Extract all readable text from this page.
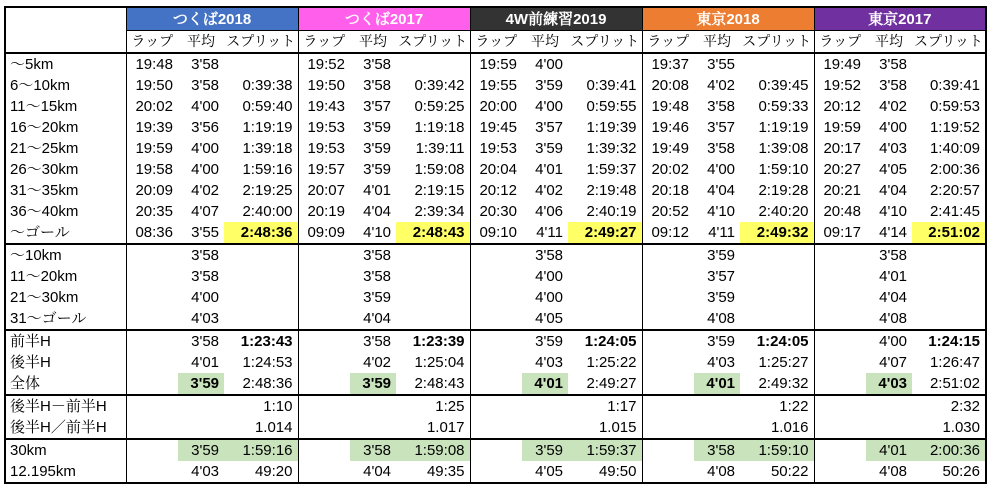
	つくば2018			つくば2017			4W前練習2019			東京2018			東京2017		
	ラップ	平均	スプリット	ラップ	平均	スプリット	ラップ	平均	スプリット	ラップ	平均	スプリット	ラップ	平均	スプリット
〜5km	19:48	3'58		19:52	3'58		19:59	4'00		19:37	3'55		19:49	3'58	
6〜10km	19:50	3'58	0:39:38	19:50	3'58	0:39:42	19:55	3'59	0:39:41	20:08	4'02	0:39:45	19:52	3'58	0:39:41
11〜15km	20:02	4'00	0:59:40	19:43	3'57	0:59:25	20:00	4'00	0:59:55	19:48	3'58	0:59:33	20:12	4'02	0:59:53
16〜20km	19:39	3'56	1:19:19	19:53	3'59	1:19:18	19:45	3'57	1:19:39	19:46	3'57	1:19:19	19:59	4'00	1:19:52
21〜25km	19:59	4'00	1:39:18	19:53	3'59	1:39:11	19:53	3'59	1:39:32	19:49	3'58	1:39:08	20:17	4'03	1:40:09
26〜30km	19:58	4'00	1:59:16	19:57	3'59	1:59:08	20:04	4'01	1:59:37	20:02	4'00	1:59:10	20:27	4'05	2:00:36
31〜35km	20:09	4'02	2:19:25	20:07	4'01	2:19:15	20:12	4'02	2:19:48	20:18	4'04	2:19:28	20:21	4'04	2:20:57
36〜40km	20:35	4'07	2:40:00	20:19	4'04	2:39:34	20:30	4'06	2:40:19	20:52	4'10	2:40:20	20:48	4'10	2:41:45
〜ゴール	08:36	3'55	2:48:36	09:09	4'10	2:48:43	09:10	4'11	2:49:27	09:12	4'11	2:49:32	09:17	4'14	2:51:02
〜10km		3'58			3'58			3'58			3'59			3'58	
11〜20km		3'58			3'58			4'00			3'57			4'01	
21〜30km		4'00			3'59			4'00			3'59			4'04	
31〜ゴール		4'03			4'04			4'05			4'08			4'08	
前半H		3'58	1:23:43		3'58	1:23:39		3'59	1:24:05		3'59	1:24:05		4'00	1:24:15
後半H		4'01	1:24:53		4'02	1:25:04		4'03	1:25:22		4'03	1:25:27		4'07	1:26:47
全体		3'59	2:48:36		3'59	2:48:43		4'01	2:49:27		4'01	2:49:32		4'03	2:51:02
後半H－前半H			1:10			1:25			1:17			1:22			2:32
後半H／前半H			1.014			1.017			1.015			1.016			1.030
30km		3'59	1:59:16		3'58	1:59:08		3'59	1:59:37		3'58	1:59:10		4'01	2:00:36
12.195km		4'03	49:20		4'04	49:35		4'05	49:50		4'08	50:22		4'08	50:26
